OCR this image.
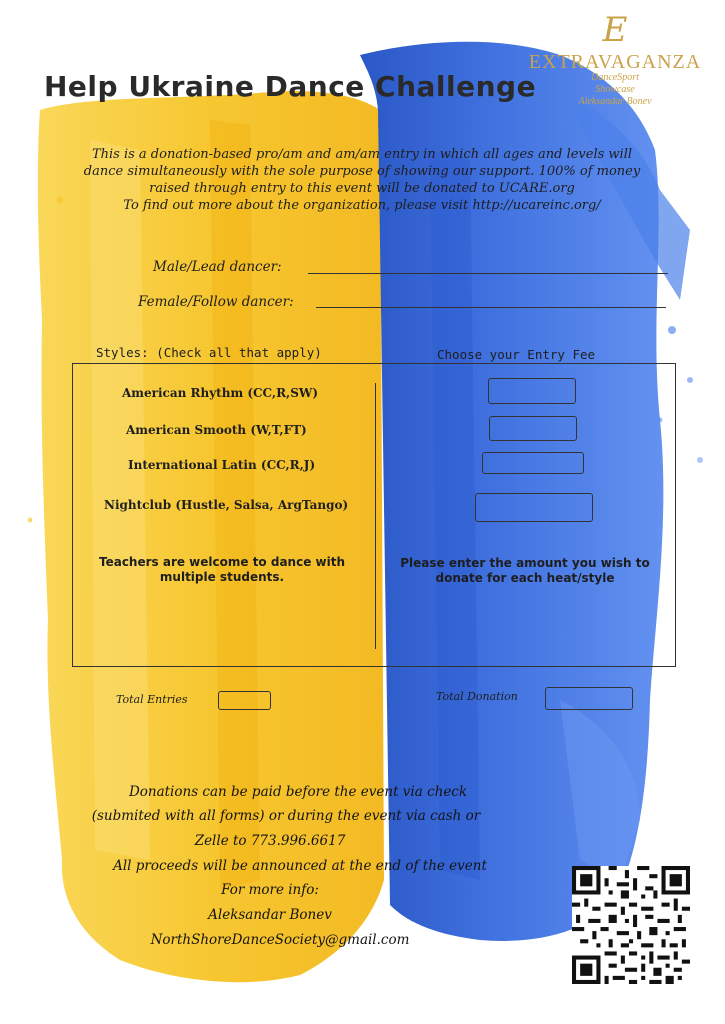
E
EXTRAVAGANZA
DanceSport
Showcase
Aleksandar Bonev
Help Ukraine Dance Challenge
This is a donation-based pro/am and am/am entry in which all ages and levels will
dance simultaneously with the sole purpose of showing our support. 100% of money
raised through entry to this event will be donated to UCARE.org
To find out more about the organization, please visit http://ucareinc.org/
Male/Lead dancer:
Female/Follow dancer:
Styles: (Check all that apply)	Choose your Entry Fee
American Rhythm (CC,R,SW)
American Smooth (W,T,FT)
International Latin (CC,R,J)
Nightclub (Hustle, Salsa, ArgTango)
Teachers are welcome to dance with
multiple students.
Please enter the amount you wish to
donate for each heat/style
Total Entries	Total Donation
Donations can be paid before the event via check
(submited with all forms) or during the event via cash or
Zelle to 773.996.6617
All proceeds will be announced at the end of the event
For more info:
Aleksandar Bonev
NorthShoreDanceSociety@gmail.com
